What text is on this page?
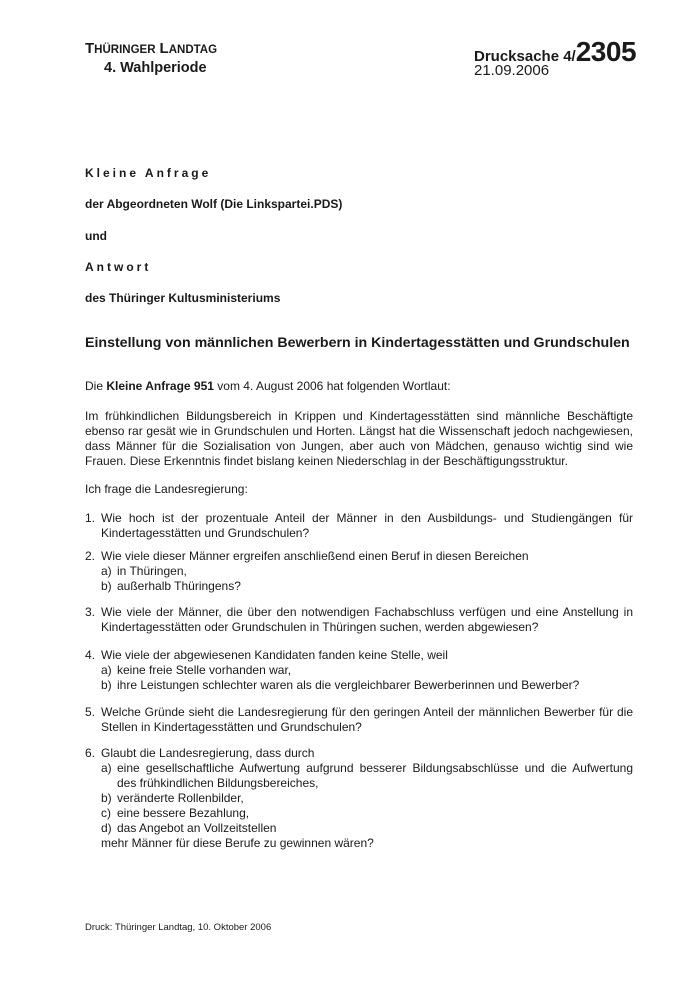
THÜRINGER LANDTAG
4. Wahlperiode
Drucksache 4/2305
21.09.2006
Kleine Anfrage
der Abgeordneten Wolf (Die Linkspartei.PDS)
und
Antwort
des Thüringer Kultusministeriums
Einstellung von männlichen Bewerbern in Kindertagesstätten und Grundschulen
Die Kleine Anfrage 951 vom 4. August 2006 hat folgenden Wortlaut:
Im frühkindlichen Bildungsbereich in Krippen und Kindertagesstätten sind männliche Beschäftigte ebenso rar gesät wie in Grundschulen und Horten. Längst hat die Wissenschaft jedoch nachgewiesen, dass Männer für die Sozialisation von Jungen, aber auch von Mädchen, genauso wichtig sind wie Frauen. Diese Erkenntnis findet bislang keinen Niederschlag in der Beschäftigungsstruktur.
Ich frage die Landesregierung:
1. Wie hoch ist der prozentuale Anteil der Männer in den Ausbildungs- und Studiengängen für Kindertagesstätten und Grundschulen?
2. Wie viele dieser Männer ergreifen anschließend einen Beruf in diesen Bereichen
a) in Thüringen,
b) außerhalb Thüringens?
3. Wie viele der Männer, die über den notwendigen Fachabschluss verfügen und eine Anstellung in Kindertagesstätten oder Grundschulen in Thüringen suchen, werden abgewiesen?
4. Wie viele der abgewiesenen Kandidaten fanden keine Stelle, weil
a) keine freie Stelle vorhanden war,
b) ihre Leistungen schlechter waren als die vergleichbarer Bewerberinnen und Bewerber?
5. Welche Gründe sieht die Landesregierung für den geringen Anteil der männlichen Bewerber für die Stellen in Kindertagesstätten und Grundschulen?
6. Glaubt die Landesregierung, dass durch
a) eine gesellschaftliche Aufwertung aufgrund besserer Bildungsabschlüsse und die Aufwertung des frühkindlichen Bildungsbereiches,
b) veränderte Rollenbilder,
c) eine bessere Bezahlung,
d) das Angebot an Vollzeitstellen
mehr Männer für diese Berufe zu gewinnen wären?
Druck: Thüringer Landtag, 10. Oktober 2006
